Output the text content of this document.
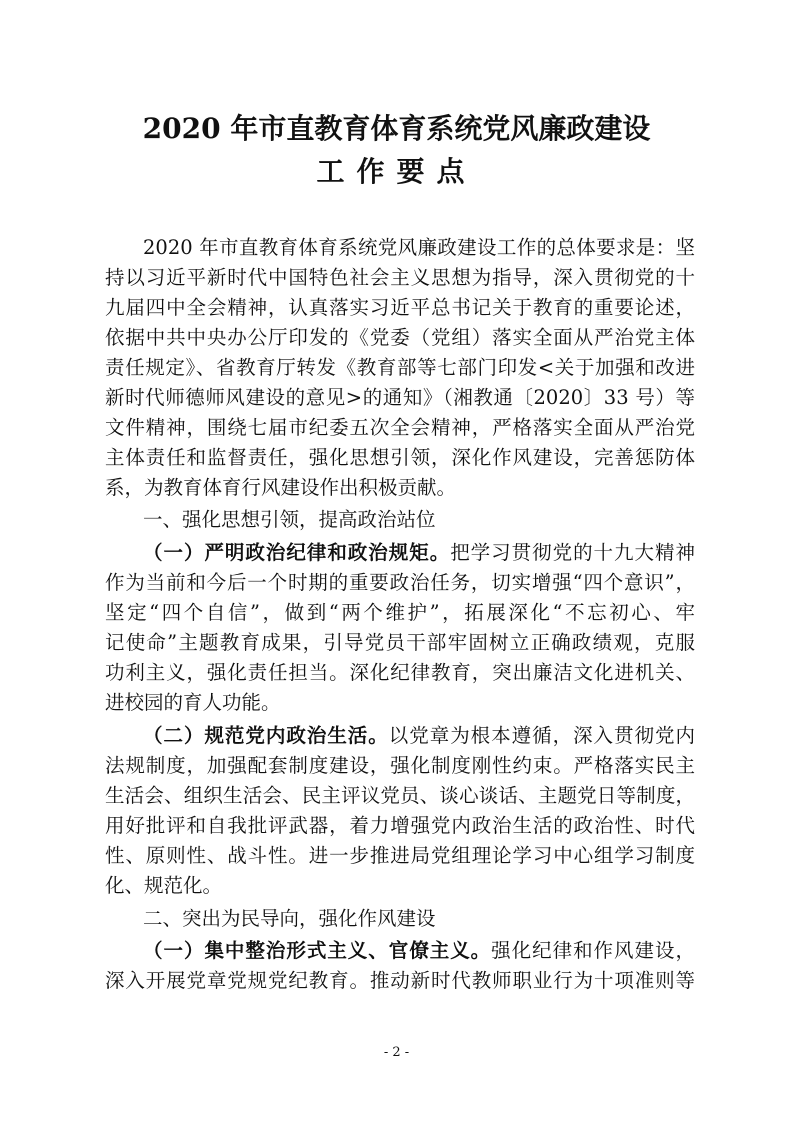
2020 年市直教育体育系统党风廉政建设
工作要点
2020 年市直教育体育系统党风廉政建设工作的总体要求是：坚
持以习近平新时代中国特色社会主义思想为指导，深入贯彻党的十
九届四中全会精神，认真落实习近平总书记关于教育的重要论述，
依据中共中央办公厅印发的《党委（党组）落实全面从严治党主体
责任规定》、省教育厅转发《教育部等七部门印发<关于加强和改进
新时代师德师风建设的意见>的通知》（湘教通〔2020〕33 号）等
文件精神，围绕七届市纪委五次全会精神，严格落实全面从严治党
主体责任和监督责任，强化思想引领，深化作风建设，完善惩防体
系，为教育体育行风建设作出积极贡献。
一、强化思想引领，提高政治站位
（一）严明政治纪律和政治规矩。把学习贯彻党的十九大精神
作为当前和今后一个时期的重要政治任务，切实增强“四个意识”，
坚定“四个自信”，做到“两个维护”，拓展深化“不忘初心、牢
记使命”主题教育成果，引导党员干部牢固树立正确政绩观，克服
功利主义，强化责任担当。深化纪律教育，突出廉洁文化进机关、
进校园的育人功能。
（二）规范党内政治生活。以党章为根本遵循，深入贯彻党内
法规制度，加强配套制度建设，强化制度刚性约束。严格落实民主
生活会、组织生活会、民主评议党员、谈心谈话、主题党日等制度，
用好批评和自我批评武器，着力增强党内政治生活的政治性、时代
性、原则性、战斗性。进一步推进局党组理论学习中心组学习制度
化、规范化。
二、突出为民导向，强化作风建设
（一）集中整治形式主义、官僚主义。强化纪律和作风建设，
深入开展党章党规党纪教育。推动新时代教师职业行为十项准则等
- 2 -
